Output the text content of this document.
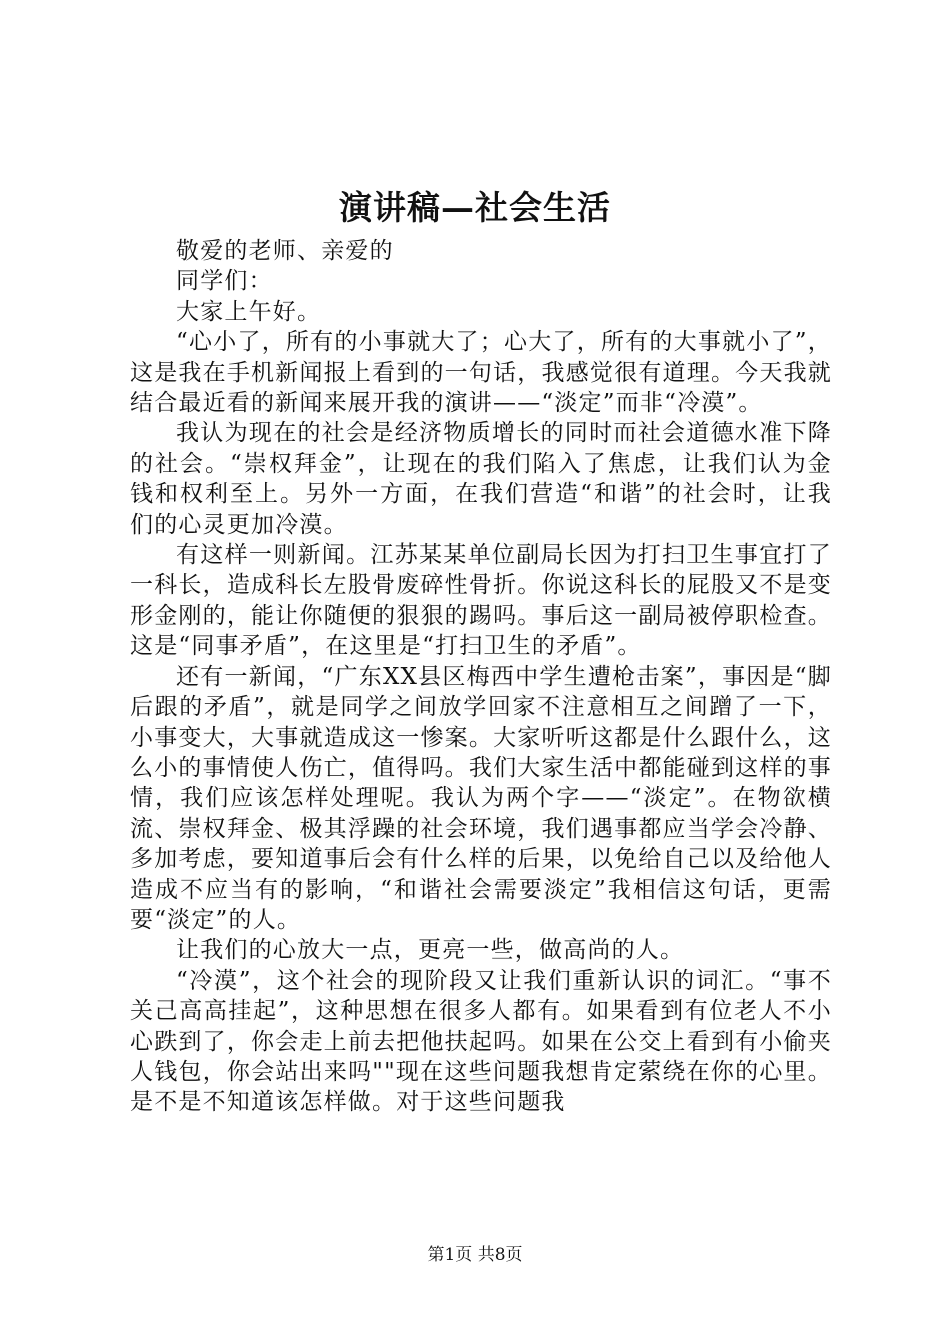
演讲稿—社会生活

敬爱的老师、亲爱的

同学们：

大家上午好。

“心小了，所有的小事就大了；心大了，所有的大事就小了”，这是我在手机新闻报上看到的一句话，我感觉很有道理。今天我就结合最近看的新闻来展开我的演讲——“淡定”而非“冷漠”。

我认为现在的社会是经济物质增长的同时而社会道德水准下降的社会。“崇权拜金”，让现在的我们陷入了焦虑，让我们认为金钱和权利至上。另外一方面，在我们营造“和谐”的社会时，让我们的心灵更加冷漠。

有这样一则新闻。江苏某某单位副局长因为打扫卫生事宜打了一科长，造成科长左股骨废碎性骨折。你说这科长的屁股又不是变形金刚的，能让你随便的狠狠的踢吗。事后这一副局被停职检查。这是“同事矛盾”，在这里是“打扫卫生的矛盾”。

还有一新闻，“广东XX县区梅西中学生遭枪击案”，事因是“脚后跟的矛盾”，就是同学之间放学回家不注意相互之间蹭了一下，小事变大，大事就造成这一惨案。大家听听这都是什么跟什么，这么小的事情使人伤亡，值得吗。我们大家生活中都能碰到这样的事情，我们应该怎样处理呢。我认为两个字——“淡定”。在物欲横流、崇权拜金、极其浮躁的社会环境，我们遇事都应当学会冷静、多加考虑，要知道事后会有什么样的后果，以免给自己以及给他人造成不应当有的影响，“和谐社会需要淡定”我相信这句话，更需要“淡定”的人。

让我们的心放大一点，更亮一些，做高尚的人。

“冷漠”，这个社会的现阶段又让我们重新认识的词汇。“事不关己高高挂起”，这种思想在很多人都有。如果看到有位老人不小心跌到了，你会走上前去把他扶起吗。如果在公交上看到有小偷夹人钱包，你会站出来吗""现在这些问题我想肯定萦绕在你的心里。是不是不知道该怎样做。对于这些问题我

第1页 共8页
